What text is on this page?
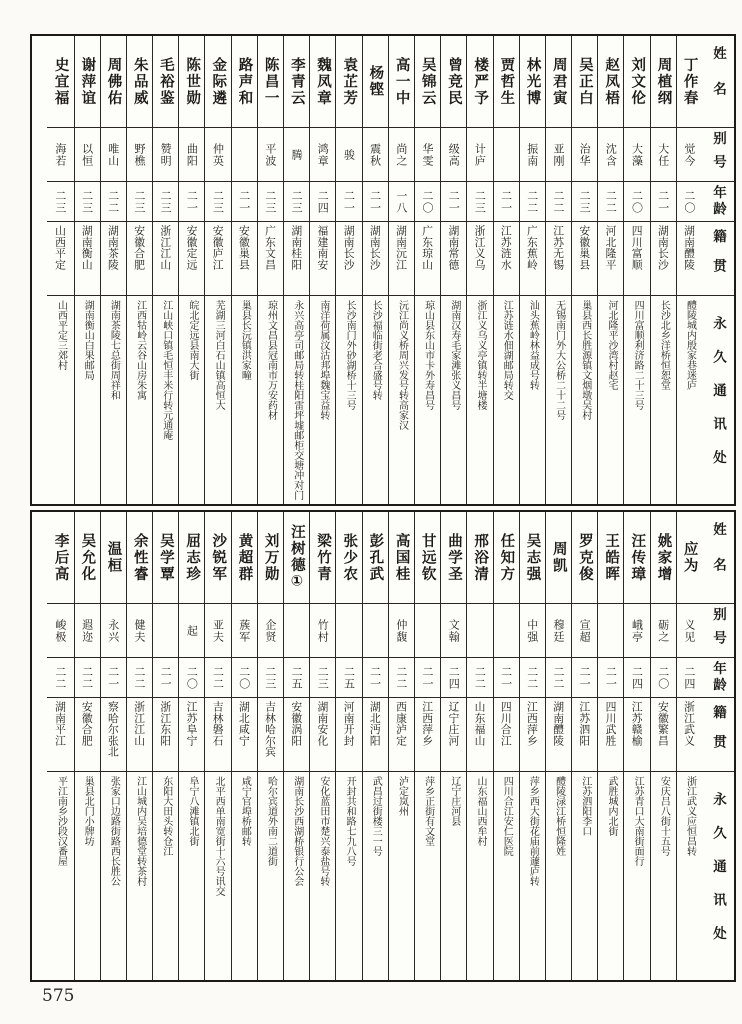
姓名
别号
年龄
籍贯
永久通讯处
丁作春
觉今
二〇
湖南醴陵
醴陵城内殷家巷迷庐
周植纲
大任
二一
湖南长沙
长沙北乡洋桥恒恕堂
刘文伦
大藻
二〇
四川富顺
四川富顺利济路二十三号
赵凤梧
沈含
二二
河北隆平
河北隆平沙湾村赵宅
吴正白
治华
二三
安徽巢县
巢县西长胜源镇文烟墩吴村
周君寅
亚刚
二二
江苏无锡
无锡南门外大公桥二十二号
林光博
振南
二二
广东蕉岭
汕头蕉岭林益成号转
贾哲生
二一
江苏涟水
江苏涟水佃湖邮局转交
楼严予
计庐
二三
浙江义乌
浙江义乌义亭镇转半塘楼
曾竞民
级高
二一
湖南常德
湖南汉寿毛家滩张义昌号
吴锦云
华雯
二〇
广东琼山
琼山县东山市卡外寿昌号
高一中
尚之
一八
湖南沅江
沅江尚义桥周兴发号转高家汉
杨铿
震秋
二一
湖南长沙
长沙福临街老合盛号转
袁芷芳
骏
二一
湖南长沙
长沙南门外砂湖桥十三号
魏凤章
鸿章
二四
福建南安
南洋荷属汶沽邦埠魏宝益转
李青云
腾
二三
湖南桂阳
永兴高亭司邮局转桂阳雷坪墟邮柜交塘冲对门
陈昌一
平波
二三
广东文昌
琼州文昌县冠南市万安药材
路声和
二一
安徽巢县
巢县长沅镇洪家疃
金际遴
仲英
二三
安徽庐江
芜湖三河白石山镇高恒大
陈世勋
曲阳
二一
安徽定远
皖北定远县南大街
毛裕鉴
赞明
二三
浙江江山
江山峡口镇毛恒丰米行转元通庵
朱品威
野樵
二三
安徽合肥
江西牯岭云谷山房朱寓
周佛佑
唯山
二二
湖南茶陵
湖南茶陵七总街周祥和
谢萍谊
以恒
二三
湖南衡山
湖南衡山白果邮局
史宜福
海若
二三
山西平定
山西平定三郊村
姓名
别号
年龄
籍贯
永久通讯处
应为
义见
二四
浙江武义
浙江武义应恒昌转
姚家增
砺之
二〇
安徽繁昌
安庆吕八街十五号
汪传璋
峨亭
二四
江苏赣榆
江苏青口大南街面行
王皓晖
二一
四川武胜
武胜城内北街
罗克俊
宣超
二一
江苏泗阳
江苏泗阳李口
周凯
穆廷
二二
湖南醴陵
醴陵渌江桥恒隆姓
吴志强
中强
二二
江西萍乡
萍乡西大街花庙前蘧庐转
任知方
二一
四川合江
四川合江安仁医院
邢浴清
二二
山东福山
山东福山西牟村
曲学圣
文翰
二四
辽宁庄河
辽宁庄河县
甘远钦
二一
江西萍乡
萍乡正街有文堂
高国桂
仲馥
二二
西康泸定
泸定岚州
彭孔武
二一
湖北沔阳
武昌过街楼三一号
张少农
二五
河南开封
开封共和路七九八号
梁竹青
竹村
二三
湖南安化
安化蓝田市楚兴泰盐号转
汪树德①
二五
安徽涡阳
湖南长沙西湖桥银行公会
刘万勋
企贤
二三
吉林哈尔宾
哈尔宾道外南二道街
黄超群
蔟军
二〇
湖北咸宁
咸宁官埠桥邮转
沙锐军
亚夫
二二
吉林磐石
北平西单南宽街十六号讯交
屈志珍
起
二〇
江苏阜宁
阜宁八滩镇北街
吴学覃
二一
浙江东阳
东阳大田头转仓江
余性睿
健夫
二二
浙江江山
江山城内吴培德堂转茶村
温桓
永兴
二一
察哈尔张北
张家口边路街路西长胜公
吴允化
遐迩
二二
安徽合肥
巢县北门小牌坊
李后高
峻极
二二
湖南平江
平江南乡沙段汉番屋
575
